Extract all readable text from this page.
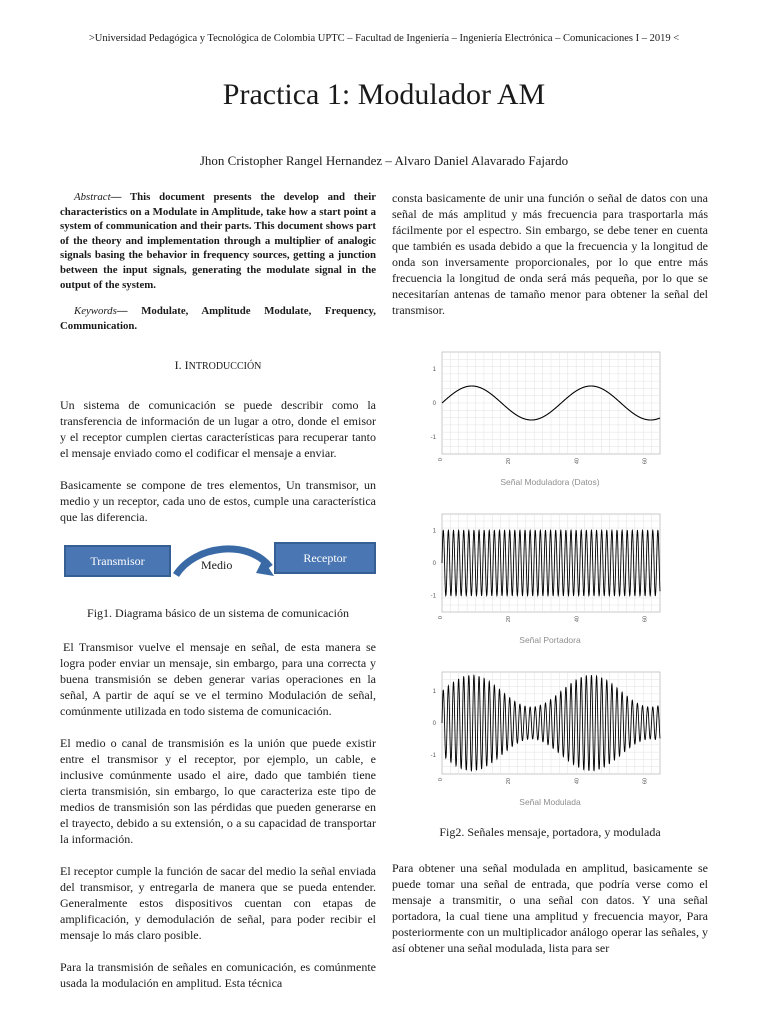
>Universidad Pedagógica y Tecnológica de Colombia UPTC – Facultad de Ingeniería – Ingeniería Electrónica – Comunicaciones I – 2019 <
Practica 1: Modulador AM
Jhon Cristopher Rangel Hernandez – Alvaro Daniel Alavarado Fajardo

Abstract— This document presents the develop and their characteristics on a Modulate in Amplitude, take how a start point a system of communication and their parts. This document shows part of the theory and implementation through a multiplier of analogic signals basing the behavior in frequency sources, getting a junction between the input signals, generating the modulate signal in the output of the system.

Keywords— Modulate, Amplitude Modulate, Frequency, Communication.

I. INTRODUCCIÓN

Un sistema de comunicación se puede describir como la transferencia de información de un lugar a otro, donde el emisor y el receptor cumplen ciertas características para recuperar tanto el mensaje enviado como el codificar el mensaje a enviar.

Basicamente se compone de tres elementos, Un transmisor, un medio y un receptor, cada uno de estos, cumple una característica que las diferencia.

Transmisor	Medio	Receptor
Fig1. Diagrama básico de un sistema de comunicación

El Transmisor vuelve el mensaje en señal, de esta manera se logra poder enviar un mensaje, sin embargo, para una correcta y buena transmisión se deben generar varias operaciones en la señal, A partir de aquí se ve el termino Modulación de señal, comúnmente utilizada en todo sistema de comunicación.

El medio o canal de transmisión es la unión que puede existir entre el transmisor y el receptor, por ejemplo, un cable, e inclusive comúnmente usado el aire, dado que también tiene cierta transmisión, sin embargo, lo que caracteriza este tipo de medios de transmisión son las pérdidas que pueden generarse en el trayecto, debido a su extensión, o a su capacidad de transportar la información.

El receptor cumple la función de sacar del medio la señal enviada del transmisor, y entregarla de manera que se pueda entender. Generalmente estos dispositivos cuentan con etapas de amplificación, y demodulación de señal, para poder recibir el mensaje lo más claro posible.

Para la transmisión de señales en comunicación, es comúnmente usada la modulación en amplitud. Esta técnica

consta basicamente de unir una función o señal de datos con una señal de más amplitud y más frecuencia para trasportarla más fácilmente por el espectro. Sin embargo, se debe tener en cuenta que también es usada debido a que la frecuencia y la longitud de onda son inversamente proporcionales, por lo que entre más frecuencia la longitud de onda será más pequeña, por lo que se necesitarían antenas de tamaño menor para obtener la señal del transmisor.

1
0
-1
0	20	40	60
Señal Moduladora (Datos)
1
0
-1
0	20	40	60
Señal Portadora
1
0
-1
0	20	40	60
Señal Modulada
Fig2. Señales mensaje, portadora, y modulada

Para obtener una señal modulada en amplitud, basicamente se puede tomar una señal de entrada, que podría verse como el mensaje a transmitir, o una señal con datos. Y una señal portadora, la cual tiene una amplitud y frecuencia mayor, Para posteriormente con un multiplicador análogo operar las señales, y así obtener una señal modulada, lista para ser
